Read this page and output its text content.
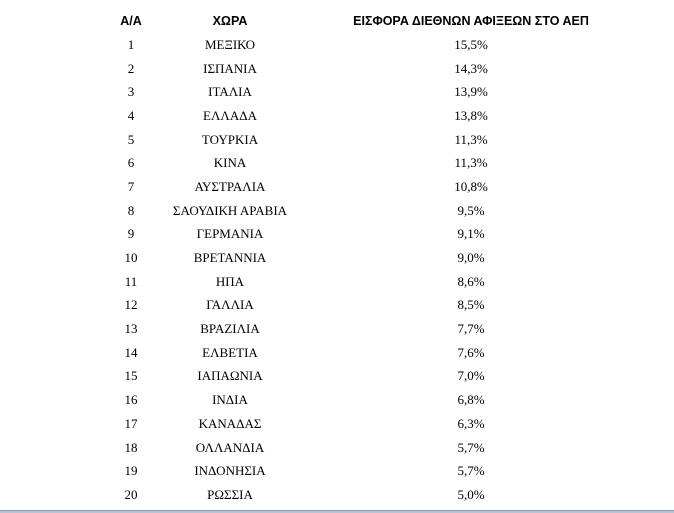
Α/Α	ΧΩΡΑ	ΕΙΣΦΟΡΑ ΔΙΕΘΝΩΝ ΑΦΙΞΕΩΝ ΣΤΟ ΑΕΠ
1	ΜΕΞΙΚΟ	15,5%
2	ΙΣΠΑΝΙΑ	14,3%
3	ΙΤΑΛΙΑ	13,9%
4	ΕΛΛΑΔΑ	13,8%
5	ΤΟΥΡΚΙΑ	11,3%
6	ΚΙΝΑ	11,3%
7	ΑΥΣΤΡΑΛΙΑ	10,8%
8	ΣΑΟΥΔΙΚΗ ΑΡΑΒΙΑ	9,5%
9	ΓΕΡΜΑΝΙΑ	9,1%
10	ΒΡΕΤΑΝΝΙΑ	9,0%
11	ΗΠΑ	8,6%
12	ΓΑΛΛΙΑ	8,5%
13	ΒΡΑΖΙΛΙΑ	7,7%
14	ΕΛΒΕΤΙΑ	7,6%
15	ΙΑΠΑΩΝΙΑ	7,0%
16	ΙΝΔΙΑ	6,8%
17	ΚΑΝΑΔΑΣ	6,3%
18	ΟΛΛΑΝΔΙΑ	5,7%
19	ΙΝΔΟΝΗΣΙΑ	5,7%
20	ΡΩΣΣΙΑ	5,0%
